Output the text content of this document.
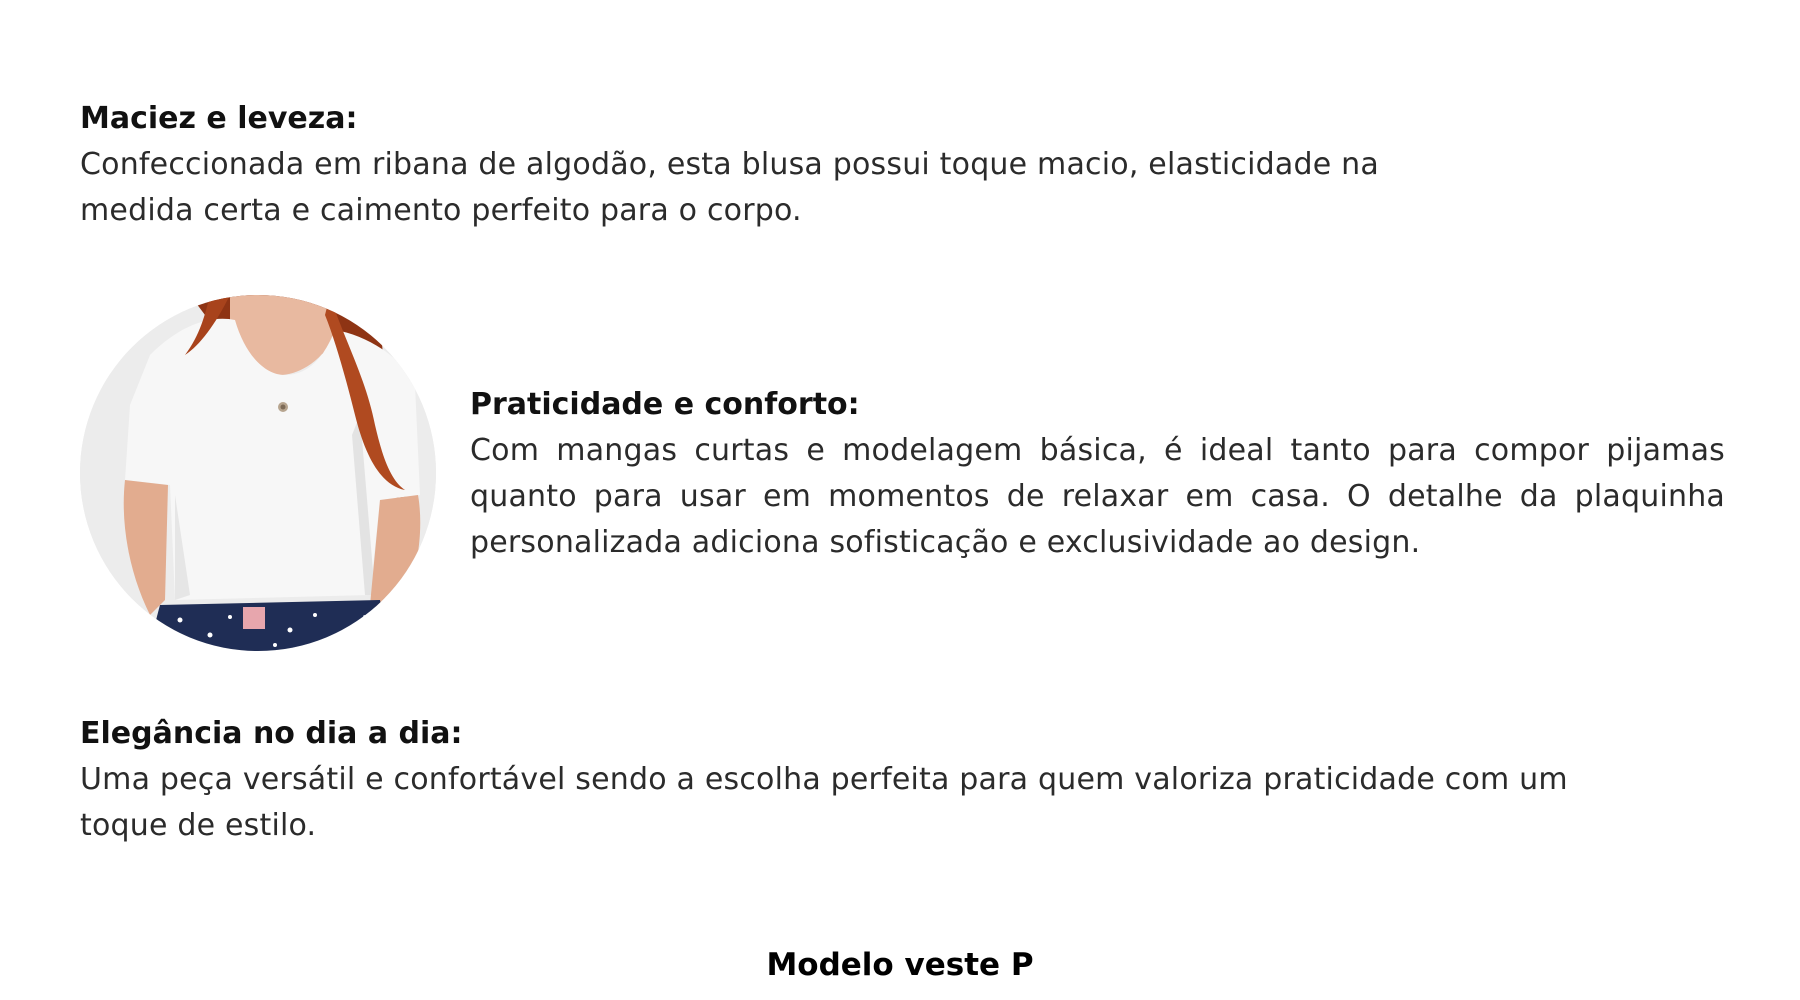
Maciez e leveza:

Confeccionada em ribana de algodão, esta blusa possui toque macio, elasticidade na medida certa e caimento perfeito para o corpo.

Praticidade e conforto:

Com mangas curtas e modelagem básica, é ideal tanto para compor pijamas quanto para usar em momentos de relaxar em casa. O detalhe da plaquinha personalizada adiciona sofisticação e exclusividade ao design.

Elegância no dia a dia:

Uma peça versátil e confortável sendo a escolha perfeita para quem valoriza praticidade com um toque de estilo.

Modelo veste P
